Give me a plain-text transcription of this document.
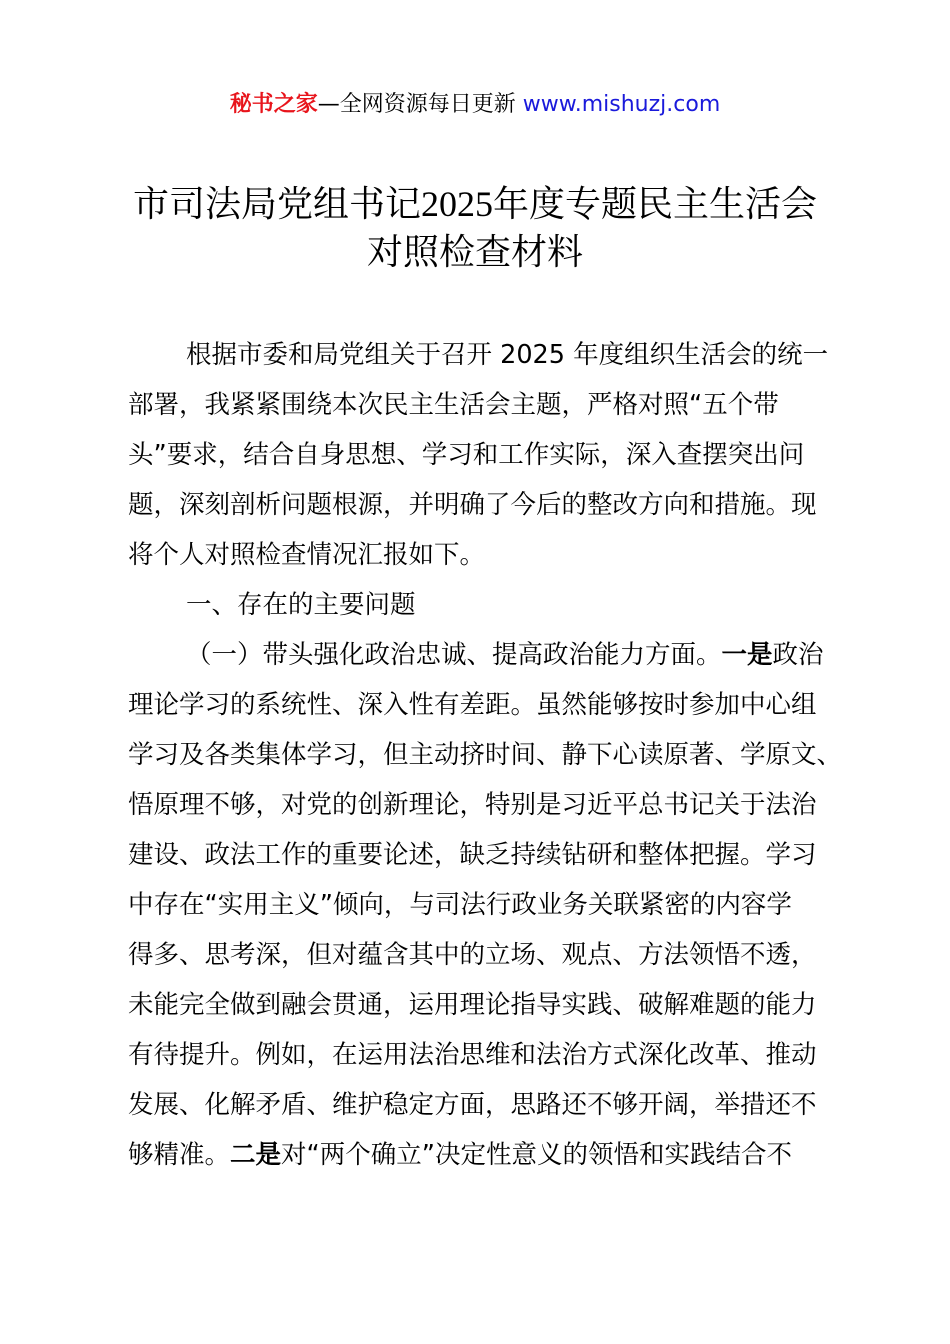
秘书之家—全网资源每日更新 www.mishuzj.com
市司法局党组书记2025年度专题民主生活会
对照检查材料
根据市委和局党组关于召开 2025 年度组织生活会的统一
部署，我紧紧围绕本次民主生活会主题，严格对照“五个带
头”要求，结合自身思想、学习和工作实际，深入查摆突出问
题，深刻剖析问题根源，并明确了今后的整改方向和措施。现
将个人对照检查情况汇报如下。
一、存在的主要问题
（一）带头强化政治忠诚、提高政治能力方面。一是政治
理论学习的系统性、深入性有差距。虽然能够按时参加中心组
学习及各类集体学习，但主动挤时间、静下心读原著、学原文、
悟原理不够，对党的创新理论，特别是习近平总书记关于法治
建设、政法工作的重要论述，缺乏持续钻研和整体把握。学习
中存在“实用主义”倾向，与司法行政业务关联紧密的内容学
得多、思考深，但对蕴含其中的立场、观点、方法领悟不透，
未能完全做到融会贯通，运用理论指导实践、破解难题的能力
有待提升。例如，在运用法治思维和法治方式深化改革、推动
发展、化解矛盾、维护稳定方面，思路还不够开阔，举措还不
够精准。二是对“两个确立”决定性意义的领悟和实践结合不
